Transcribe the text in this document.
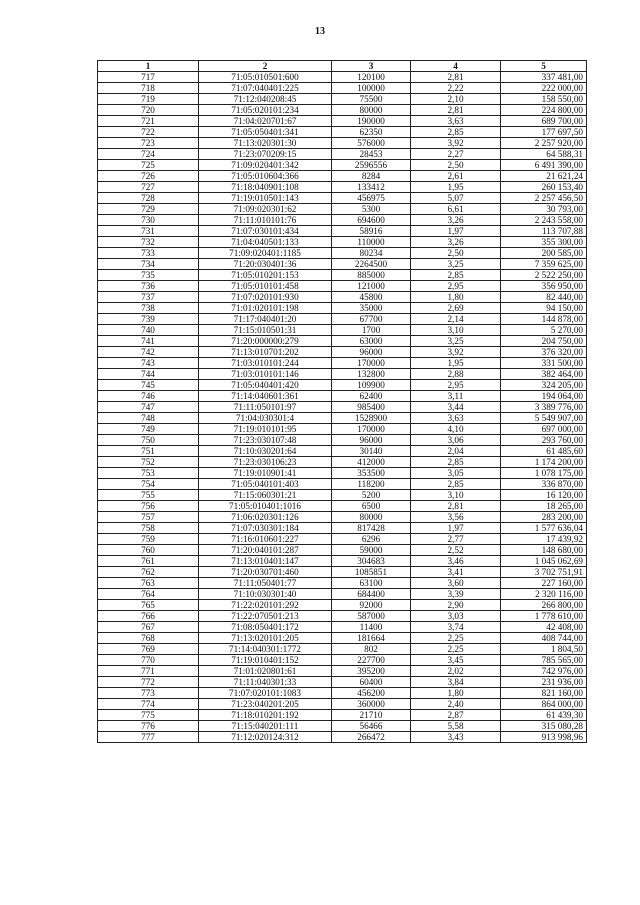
13
1	2	3	4	5
717	71:05:010501:600	120100	2,81	337 481,00
718	71:07:040401:225	100000	2,22	222 000,00
719	71:12:040208:45	75500	2,10	158 550,00
720	71:05:020101:234	80000	2,81	224 800,00
721	71:04:020701:67	190000	3,63	689 700,00
722	71:05:050401:341	62350	2,85	177 697,50
723	71:13:020301:30	576000	3,92	2 257 920,00
724	71:23:070209:15	28453	2,27	64 588,31
725	71:09:020401:342	2596556	2,50	6 491 390,00
726	71:05:010604:366	8284	2,61	21 621,24
727	71:18:040901:108	133412	1,95	260 153,40
728	71:19:010501:143	456975	5,07	2 257 456,50
729	71:09:020301:62	5300	6,61	30 793,00
730	71:11:010101:76	694600	3,26	2 243 558,00
731	71:07:030101:434	58916	1,97	113 707,88
732	71:04:040501:133	110000	3,26	355 300,00
733	71:09:020401:1185	80234	2,50	200 585,00
734	71:20:030401:36	2264500	3,25	7 359 625,00
735	71:05:010201:153	885000	2,85	2 522 250,00
736	71:05:010101:458	121000	2,95	356 950,00
737	71:07:020101:930	45800	1,80	82 440,00
738	71:01:020101:198	35000	2,69	94 150,00
739	71:17:040401:20	67700	2,14	144 878,00
740	71:15:010501:31	1700	3,10	5 270,00
741	71:20:000000:279	63000	3,25	204 750,00
742	71:13:010701:202	96000	3,92	376 320,00
743	71:03:010101:244	170000	1,95	331 500,00
744	71:03:010101:146	132800	2,88	382 464,00
745	71:05:040401:420	109900	2,95	324 205,00
746	71:14:040601:361	62400	3,11	194 064,00
747	71:11:050101:97	985400	3,44	3 389 776,00
748	71:04:030301:4	1528900	3,63	5 549 907,00
749	71:19:010101:95	170000	4,10	697 000,00
750	71:23:030107:48	96000	3,06	293 760,00
751	71:10:030201:64	30140	2,04	61 485,60
752	71:23:030106:23	412000	2,85	1 174 200,00
753	71:19:010901:41	353500	3,05	1 078 175,00
754	71:05:040101:403	118200	2,85	336 870,00
755	71:15:060301:21	5200	3,10	16 120,00
756	71:05:010401:1016	6500	2,81	18 265,00
757	71:06:020301:126	80000	3,56	283 200,00
758	71:07:030301:184	817428	1,97	1 577 636,04
759	71:16:010601:227	6296	2,77	17 439,92
760	71:20:040101:287	59000	2,52	148 680,00
761	71:13:010401:147	304683	3,46	1 045 062,69
762	71:20:030701:460	1085851	3,41	3 702 751,91
763	71:11:050401:77	63100	3,60	227 160,00
764	71:10:030301:40	684400	3,39	2 320 116,00
765	71:22:020101:292	92000	2,90	266 800,00
766	71:22:070501:213	587000	3,03	1 778 610,00
767	71:08:050401:172	11400	3,74	42 408,00
768	71:13:020101:205	181664	2,25	408 744,00
769	71:14:040301:1772	802	2,25	1 804,50
770	71:19:010401:152	227700	3,45	785 565,00
771	71:01:020801:61	395200	2,02	742 976,00
772	71:11:040301:33	60400	3,84	231 936,00
773	71:07:020101:1083	456200	1,80	821 160,00
774	71:23:040201:205	360000	2,40	864 000,00
775	71:18:010201:192	21710	2,87	61 439,30
776	71:15:040201:111	56466	5,58	315 080,28
777	71:12:020124:312	266472	3,43	913 998,96
